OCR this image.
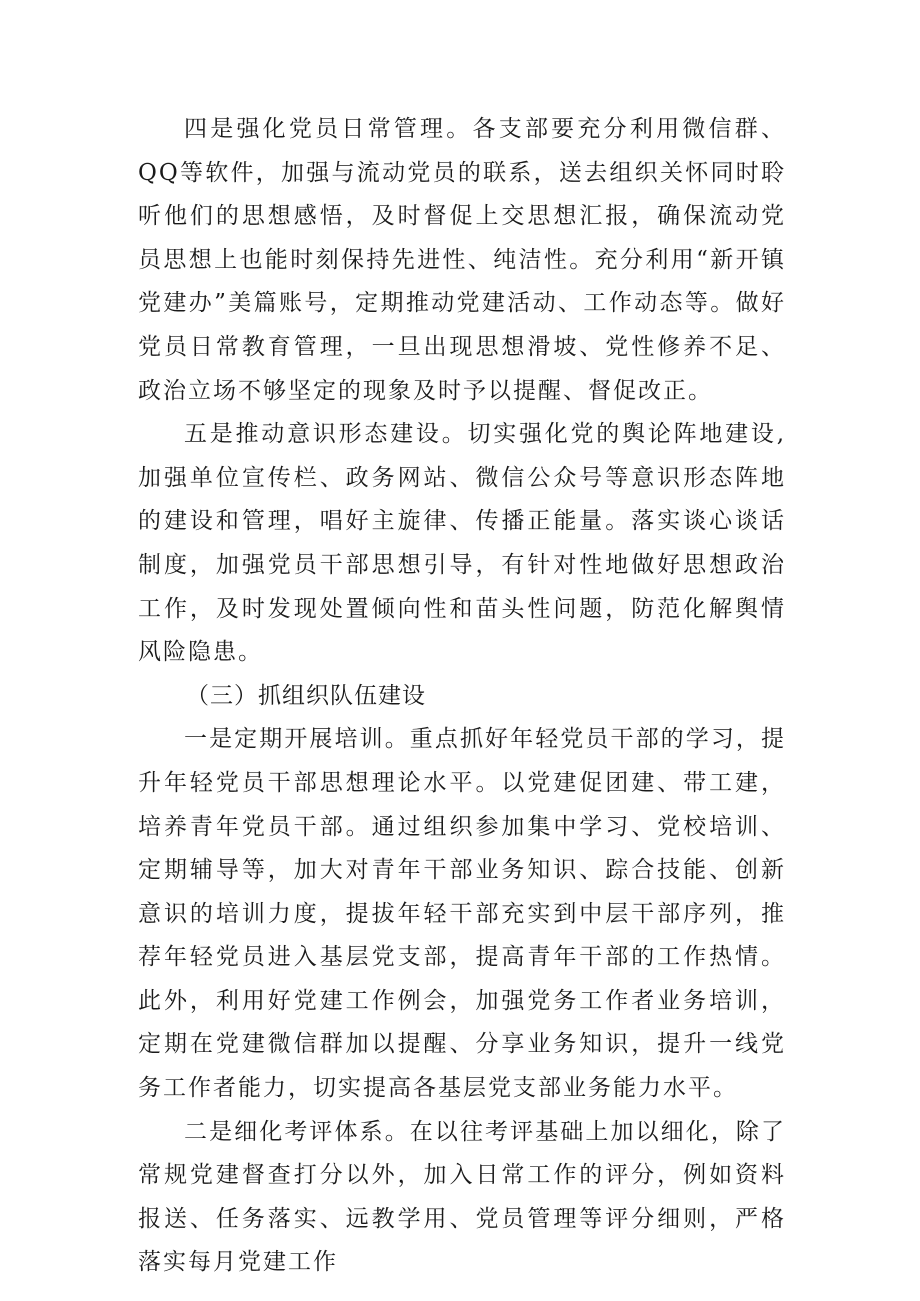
四是强化党员日常管理。各支部要充分利用微信群、QQ等软件，加强与流动党员的联系，送去组织关怀同时聆听他们的思想感悟，及时督促上交思想汇报，确保流动党员思想上也能时刻保持先进性、纯洁性。充分利用“新开镇党建办”美篇账号，定期推动党建活动、工作动态等。做好党员日常教育管理，一旦出现思想滑坡、党性修养不足、政治立场不够坚定的现象及时予以提醒、督促改正。

五是推动意识形态建设。切实强化党的舆论阵地建设,加强单位宣传栏、政务网站、微信公众号等意识形态阵地的建设和管理，唱好主旋律、传播正能量。落实谈心谈话制度，加强党员干部思想引导，有针对性地做好思想政治工作，及时发现处置倾向性和苗头性问题，防范化解舆情风险隐患。

（三）抓组织队伍建设

一是定期开展培训。重点抓好年轻党员干部的学习，提升年轻党员干部思想理论水平。以党建促团建、带工建，培养青年党员干部。通过组织参加集中学习、党校培训、定期辅导等，加大对青年干部业务知识、踪合技能、创新意识的培训力度，提拔年轻干部充实到中层干部序列，推荐年轻党员进入基层党支部，提高青年干部的工作热情。此外，利用好党建工作例会，加强党务工作者业务培训，定期在党建微信群加以提醒、分享业务知识，提升一线党务工作者能力，切实提高各基层党支部业务能力水平。

二是细化考评体系。在以往考评基础上加以细化，除了常规党建督查打分以外，加入日常工作的评分，例如资料报送、任务落实、远教学用、党员管理等评分细则，严格落实每月党建工作
